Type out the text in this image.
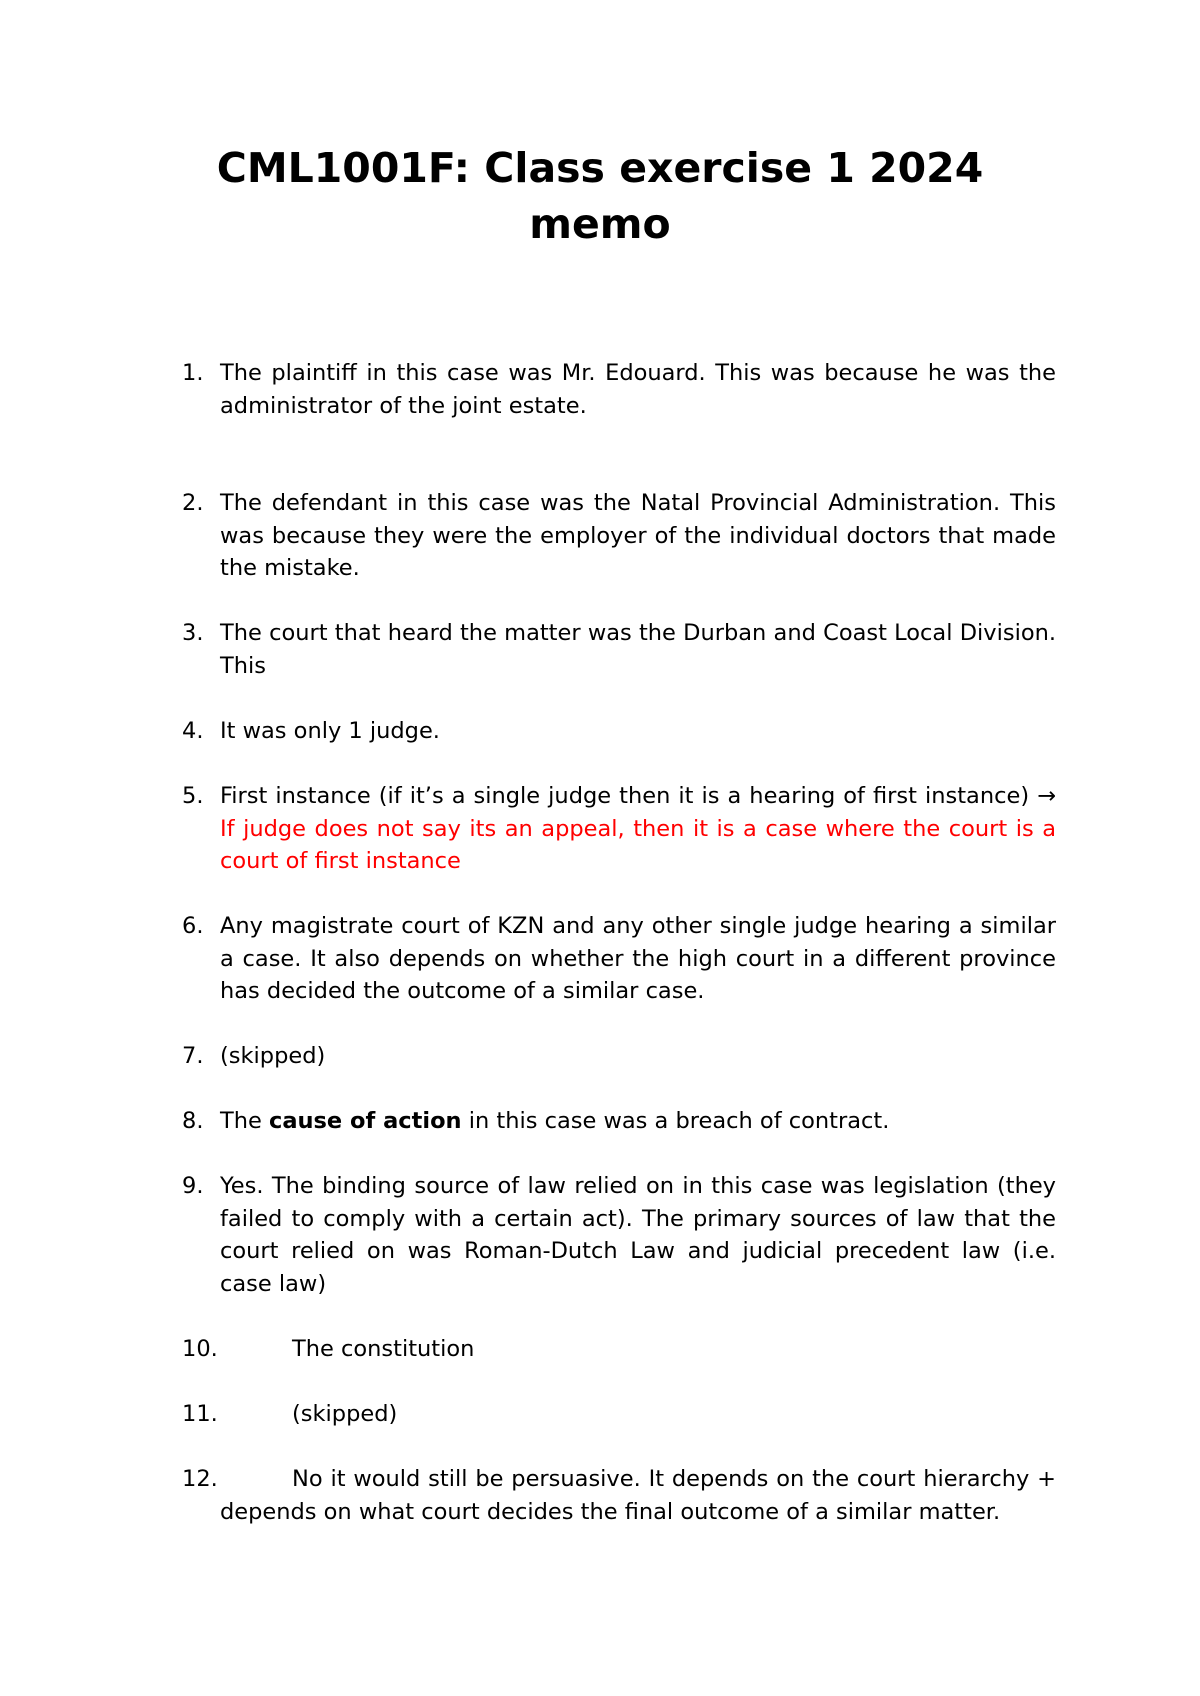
CML1001F: Class exercise 1 2024 memo
1. The plaintiff in this case was Mr. Edouard. This was because he was the administrator of the joint estate.
2. The defendant in this case was the Natal Provincial Administration. This was because they were the employer of the individual doctors that made the mistake.
3. The court that heard the matter was the Durban and Coast Local Division. This
4. It was only 1 judge.
5. First instance (if it’s a single judge then it is a hearing of first instance) → If judge does not say its an appeal, then it is a case where the court is a court of first instance
6. Any magistrate court of KZN and any other single judge hearing a similar a case. It also depends on whether the high court in a different province has decided the outcome of a similar case.
7. (skipped)
8. The cause of action in this case was a breach of contract.
9. Yes. The binding source of law relied on in this case was legislation (they failed to comply with a certain act). The primary sources of law that the court relied on was Roman-Dutch Law and judicial precedent law (i.e. case law)
10.	The constitution
11.	(skipped)
12.	No it would still be persuasive. It depends on the court hierarchy + depends on what court decides the final outcome of a similar matter.
